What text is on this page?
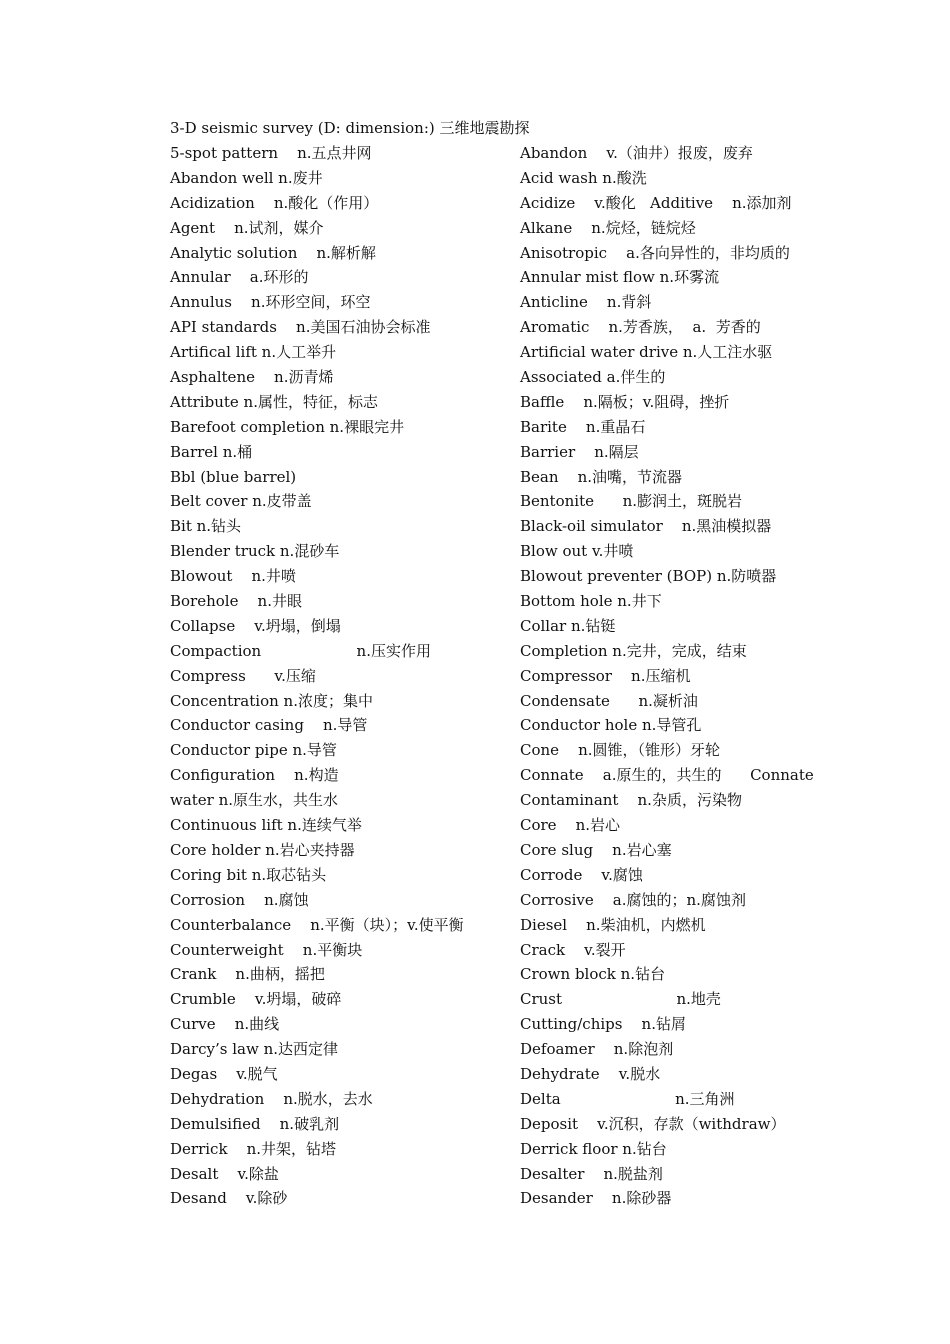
3-D seismic survey (D: dimension:) 三维地震勘探
5-spot pattern    n.五点井网
Abandon well n.废井
Acidization    n.酸化（作用）
Agent    n.试剂，媒介
Analytic solution    n.解析解
Annular    a.环形的
Annulus    n.环形空间，环空
API standards    n.美国石油协会标准
Artifical lift n.人工举升
Asphaltene    n.沥青烯
Attribute n.属性，特征，标志
Barefoot completion n.裸眼完井
Barrel n.桶
Bbl (blue barrel)
Belt cover n.皮带盖
Bit n.钻头
Blender truck n.混砂车
Blowout    n.井喷
Borehole    n.井眼
Collapse    v.坍塌，倒塌
Compaction                    n.压实作用
Compress      v.压缩
Concentration n.浓度；集中
Conductor casing    n.导管
Conductor pipe n.导管
Configuration    n.构造
water n.原生水，共生水
Continuous lift n.连续气举
Core holder n.岩心夹持器
Coring bit n.取芯钻头
Corrosion    n.腐蚀
Counterbalance    n.平衡（块）；v.使平衡
Counterweight    n.平衡块
Crank    n.曲柄，摇把
Crumble    v.坍塌，破碎
Curve    n.曲线
Darcy’s law n.达西定律
Degas    v.脱气
Dehydration    n.脱水，去水
Demulsified    n.破乳剂
Derrick    n.井架，钻塔
Desalt    v.除盐
Desand    v.除砂
Abandon    v.（油井）报废，废弃
Acid wash n.酸洗
Acidize    v.酸化   Additive    n.添加剂
Alkane    n.烷烃，链烷烃
Anisotropic    a.各向异性的，非均质的
Annular mist flow n.环雾流
Anticline    n.背斜
Aromatic    n.芳香族，  a.  芳香的
Artificial water drive n.人工注水驱
Associated a.伴生的
Baffle    n.隔板；v.阻碍，挫折
Barite    n.重晶石
Barrier    n.隔层
Bean    n.油嘴，节流器
Bentonite      n.膨润土，斑脱岩
Black-oil simulator    n.黑油模拟器
Blow out v.井喷
Blowout preventer (BOP) n.防喷器
Bottom hole n.井下
Collar n.钻铤
Completion n.完井，完成，结束
Compressor    n.压缩机
Condensate      n.凝析油
Conductor hole n.导管孔
Cone    n.圆锥，（锥形）牙轮
Connate    a.原生的，共生的      Connate
Contaminant    n.杂质，污染物
Core    n.岩心
Core slug    n.岩心塞
Corrode    v.腐蚀
Corrosive    a.腐蚀的；n.腐蚀剂
Diesel    n.柴油机，内燃机
Crack    v.裂开
Crown block n.钻台
Crust                        n.地壳
Cutting/chips    n.钻屑
Defoamer    n.除泡剂
Dehydrate    v.脱水
Delta                        n.三角洲
Deposit    v.沉积，存款（withdraw）
Derrick floor n.钻台
Desalter    n.脱盐剂
Desander    n.除砂器
